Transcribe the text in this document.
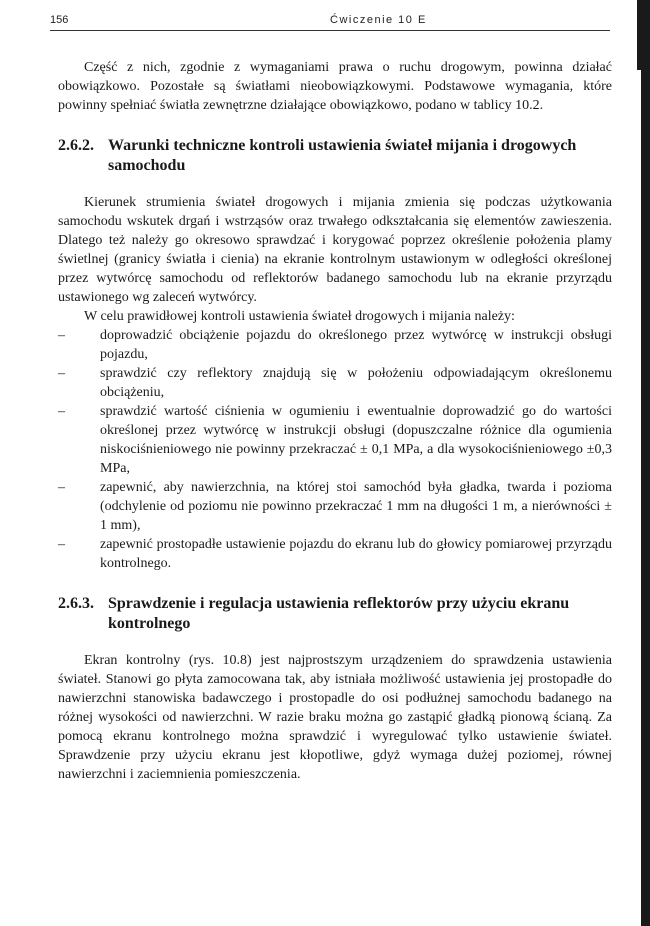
156	Ćwiczenie 10 E

Część z nich, zgodnie z wymaganiami prawa o ruchu drogowym, powinna działać obowiązkowo. Pozostałe są światłami nieobowiązkowymi. Podstawowe wymagania, które powinny spełniać światła zewnętrzne działające obowiązkowo, podano w tablicy 10.2.

2.6.2. Warunki techniczne kontroli ustawienia świateł mijania i drogowych samochodu

Kierunek strumienia świateł drogowych i mijania zmienia się podczas użytkowania samochodu wskutek drgań i wstrząsów oraz trwałego odkształcania się elementów zawieszenia. Dlatego też należy go okresowo sprawdzać i korygować poprzez określenie położenia plamy świetlnej (granicy światła i cienia) na ekranie kontrolnym ustawionym w odległości określonej przez wytwórcę samochodu od reflektorów badanego samochodu lub na ekranie przyrządu ustawionego wg zaleceń wytwórcy.

W celu prawidłowej kontroli ustawienia świateł drogowych i mijania należy:

–	doprowadzić obciążenie pojazdu do określonego przez wytwórcę w instrukcji obsługi pojazdu,
–	sprawdzić czy reflektory znajdują się w położeniu odpowiadającym określonemu obciążeniu,
–	sprawdzić wartość ciśnienia w ogumieniu i ewentualnie doprowadzić go do wartości określonej przez wytwórcę w instrukcji obsługi (dopuszczalne różnice dla ogumienia niskociśnieniowego nie powinny przekraczać ± 0,1 MPa, a dla wysokociśnieniowego ±0,3 MPa,
–	zapewnić, aby nawierzchnia, na której stoi samochód była gładka, twarda i pozioma (odchylenie od poziomu nie powinno przekraczać 1 mm na długości 1 m, a nierówności ± 1 mm),
–	zapewnić prostopadłe ustawienie pojazdu do ekranu lub do głowicy pomiarowej przyrządu kontrolnego.
2.6.3. Sprawdzenie i regulacja ustawienia reflektorów przy użyciu ekranu kontrolnego

Ekran kontrolny (rys. 10.8) jest najprostszym urządzeniem do sprawdzenia ustawienia świateł. Stanowi go płyta zamocowana tak, aby istniała możliwość ustawienia jej prostopadłe do nawierzchni stanowiska badawczego i prostopadle do osi podłużnej samochodu badanego na różnej wysokości od nawierzchni. W razie braku można go zastąpić gładką pionową ścianą. Za pomocą ekranu kontrolnego można sprawdzić i wyregulować tylko ustawienie świateł. Sprawdzenie przy użyciu ekranu jest kłopotliwe, gdyż wymaga dużej poziomej, równej nawierzchni i zaciemnienia pomieszczenia.
